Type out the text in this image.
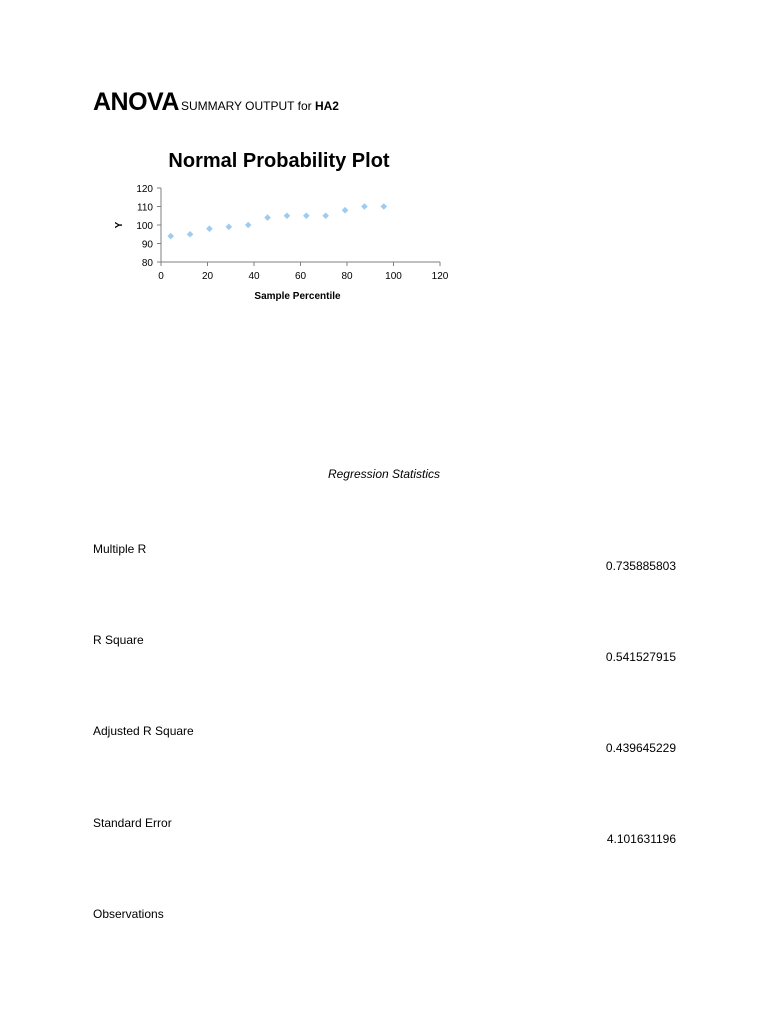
ANOVA SUMMARY OUTPUT for HA2
Normal Probability Plot
0	20	40	60	80	100	120
120
110
100
90
80
Sample Percentile
Y
Regression Statistics
Multiple R
0.735885803
R Square
0.541527915
Adjusted R Square
0.439645229
Standard Error
4.101631196
Observations
